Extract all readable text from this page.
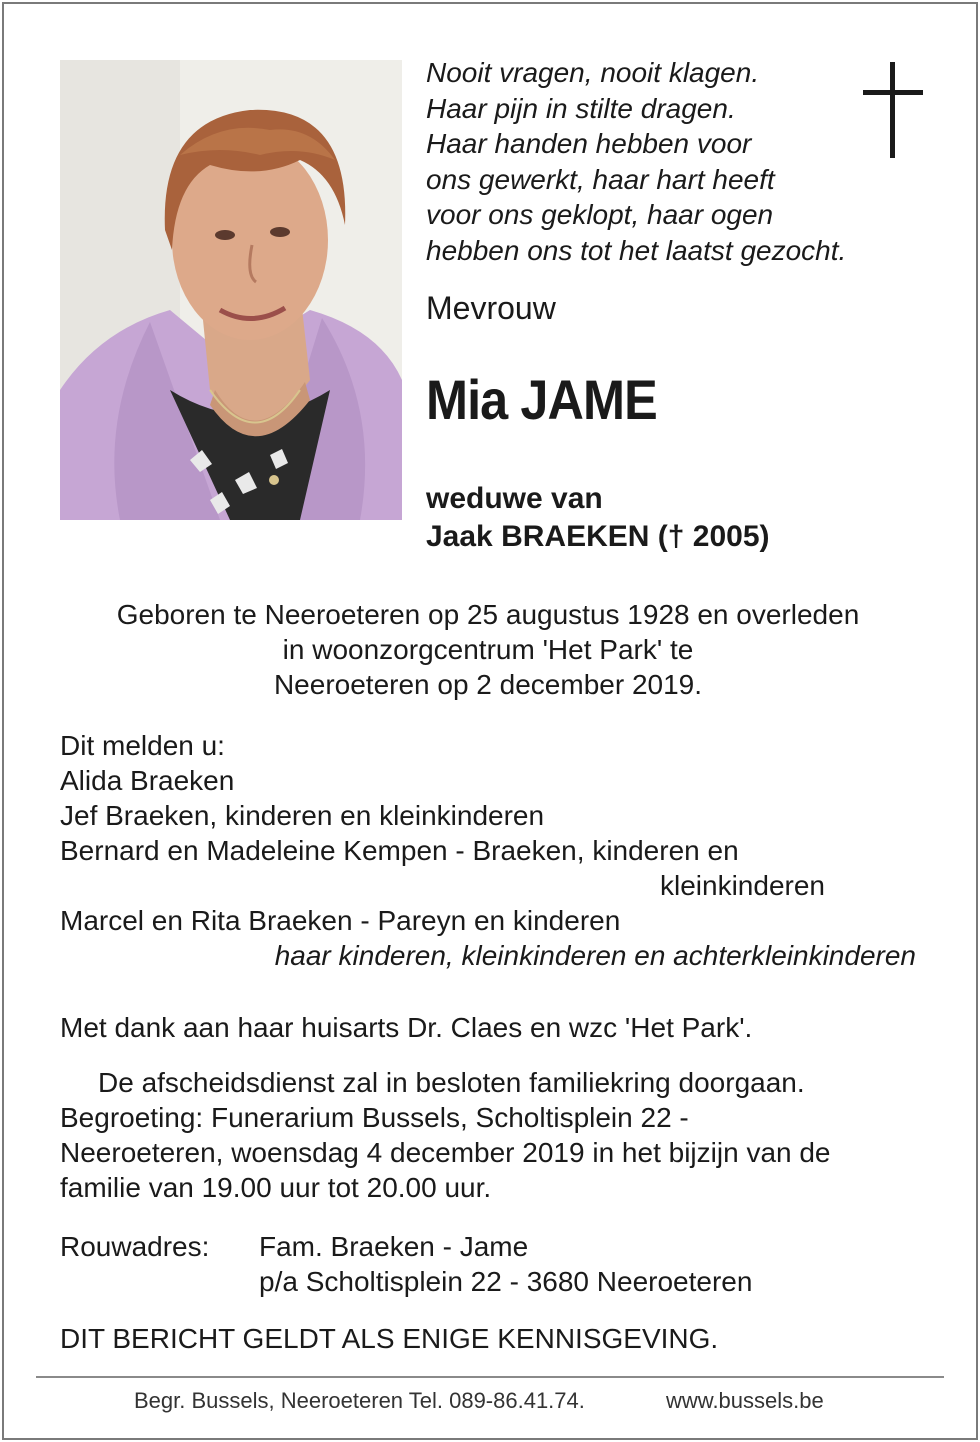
Nooit vragen, nooit klagen.
Haar pijn in stilte dragen.
Haar handen hebben voor
ons gewerkt, haar hart heeft
voor ons geklopt, haar ogen
hebben ons tot het laatst gezocht.
Mevrouw
Mia JAME
weduwe van
Jaak BRAEKEN († 2005)
Geboren te Neeroeteren op 25 augustus 1928 en overleden
in woonzorgcentrum 'Het Park' te
Neeroeteren op 2 december 2019.
Dit melden u:
Alida Braeken
Jef Braeken, kinderen en kleinkinderen
Bernard en Madeleine Kempen - Braeken, kinderen en
kleinkinderen
Marcel en Rita Braeken - Pareyn en kinderen
haar kinderen, kleinkinderen en achterkleinkinderen
Met dank aan haar huisarts Dr. Claes en wzc 'Het Park'.
De afscheidsdienst zal in besloten familiekring doorgaan.
Begroeting: Funerarium Bussels, Scholtisplein 22 -
Neeroeteren, woensdag 4 december 2019 in het bijzijn van de
familie van 19.00 uur tot 20.00 uur.
Rouwadres: Fam. Braeken - Jame
p/a Scholtisplein 22 - 3680 Neeroeteren
DIT BERICHT GELDT ALS ENIGE KENNISGEVING.
Begr. Bussels, Neeroeteren Tel. 089-86.41.74.	www.bussels.be
